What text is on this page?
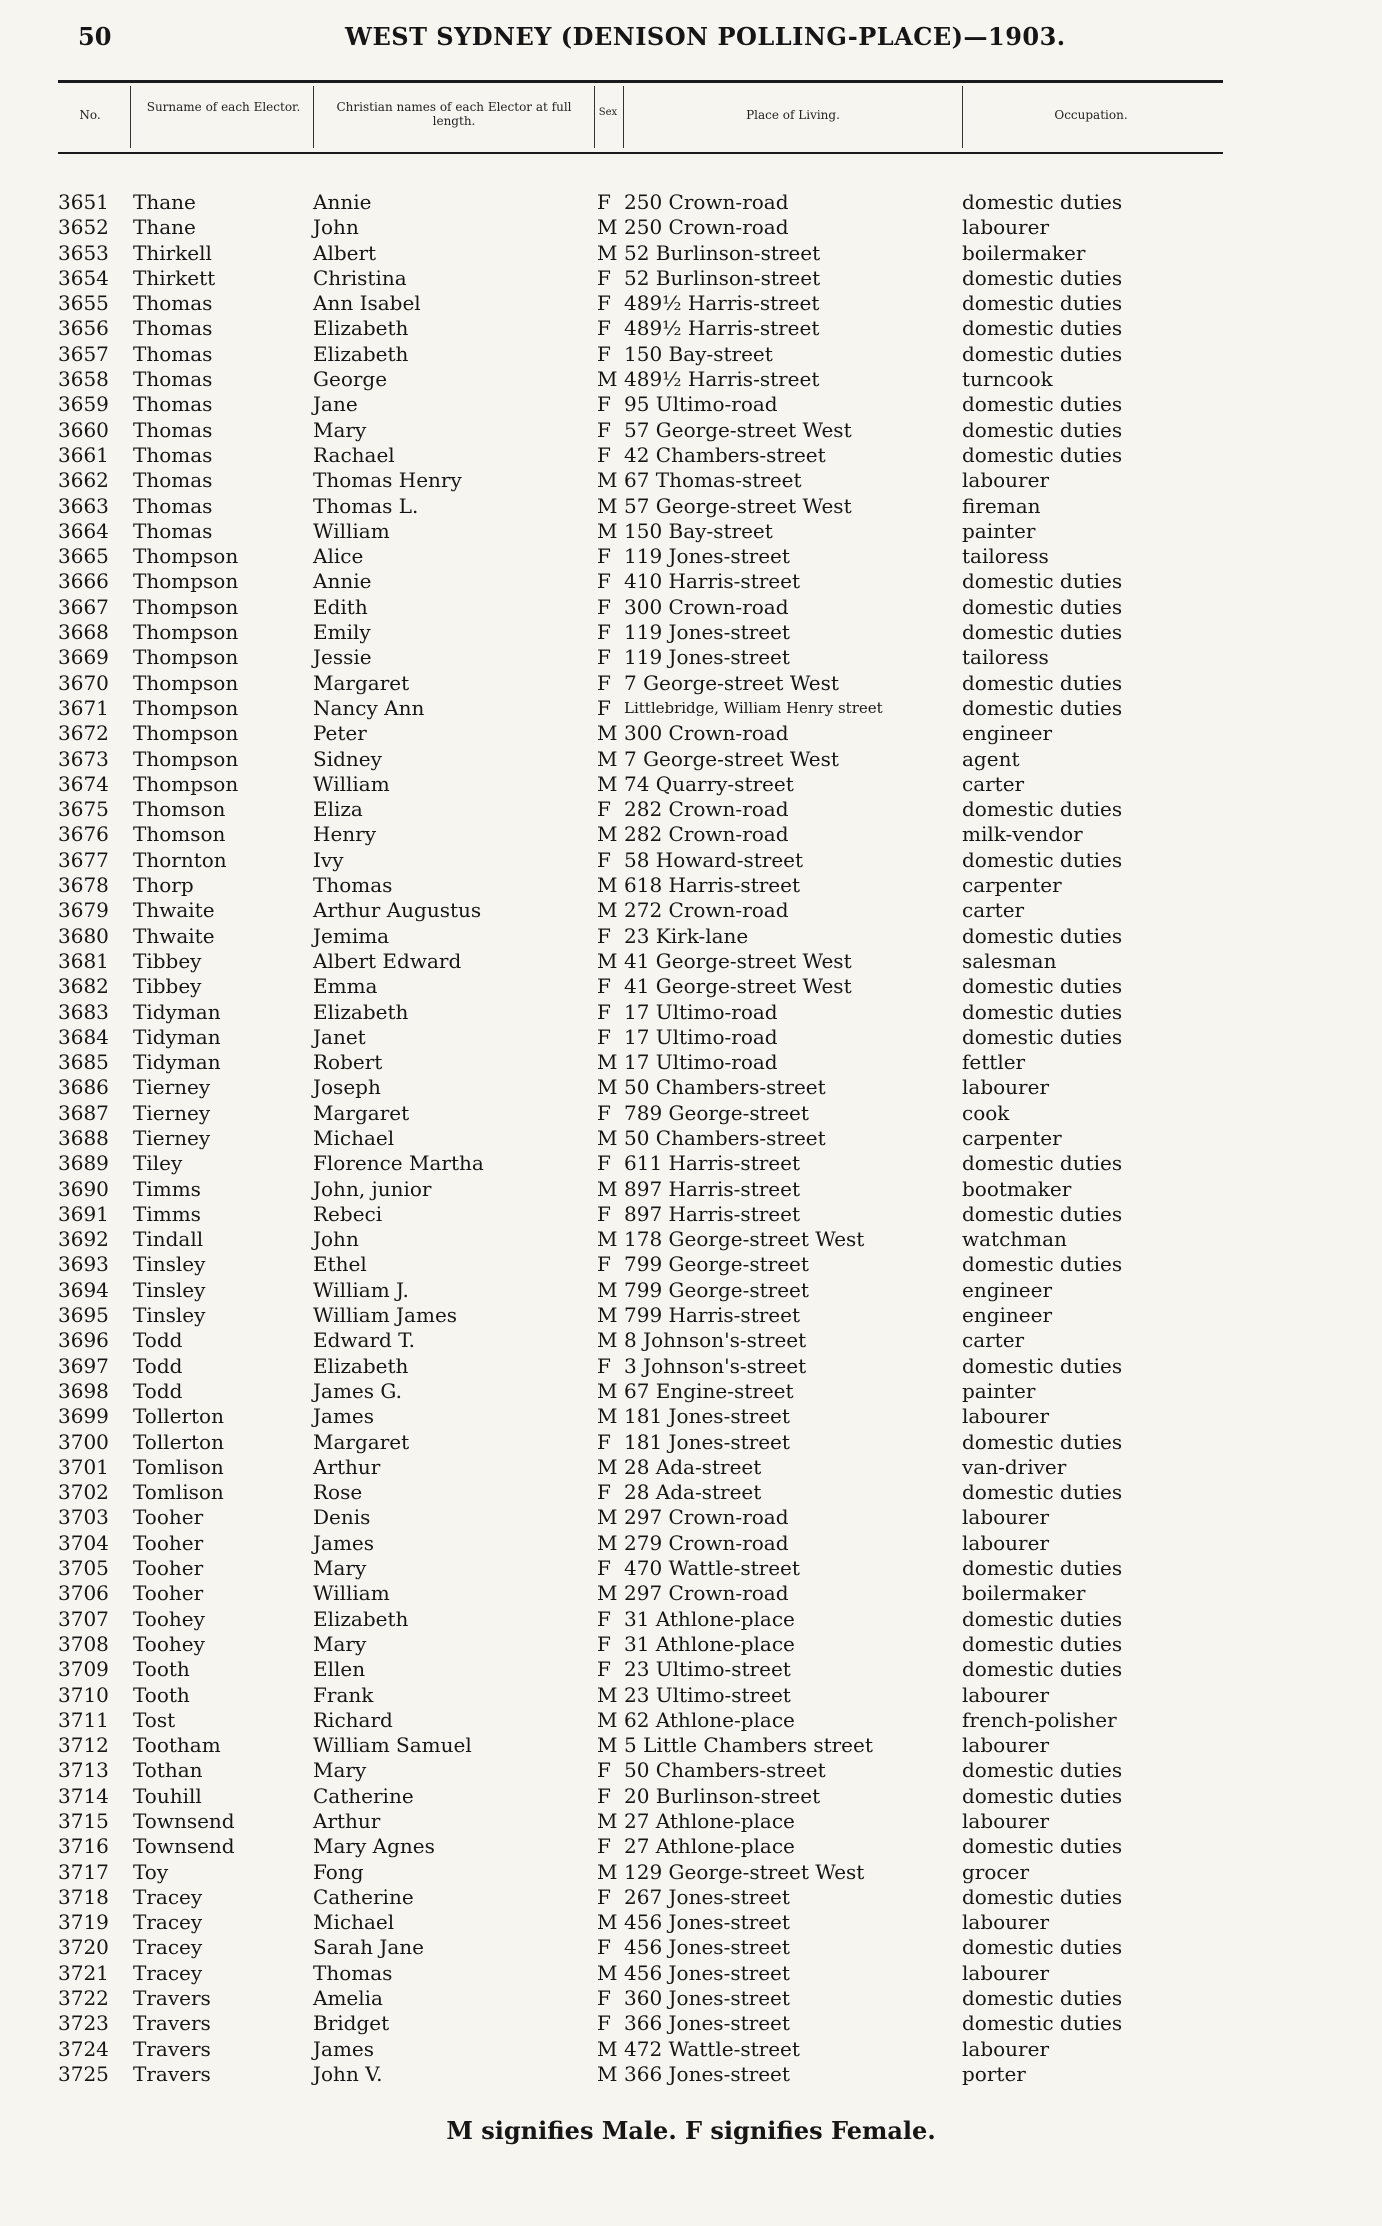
50	WEST SYDNEY (DENISON POLLING-PLACE)—1903.
No.
Surname of each Elector.	Christian names of each Elector at full length.
Sex	Place of Living.	Occupation.
3651	Thane	Annie	F 250 Crown-road	domestic duties
3652	Thane	John	M 250 Crown-road	labourer
3653	Thirkell	Albert	M 52 Burlinson-street	boilermaker
3654	Thirkett	Christina	F 52 Burlinson-street	domestic duties
3655	Thomas	Ann Isabel	F 489½ Harris-street	domestic duties
3656	Thomas	Elizabeth	F 489½ Harris-street	domestic duties
3657	Thomas	Elizabeth	F 150 Bay-street	domestic duties
3658	Thomas	George	M 489½ Harris-street	turncook
3659	Thomas	Jane	F 95 Ultimo-road	domestic duties
3660	Thomas	Mary	F 57 George-street West	domestic duties
3661	Thomas	Rachael	F 42 Chambers-street	domestic duties
3662	Thomas	Thomas Henry	M 67 Thomas-street	labourer
3663	Thomas	Thomas L.	M 57 George-street West	fireman
3664	Thomas	William	M 150 Bay-street	painter
3665	Thompson	Alice	F 119 Jones-street	tailoress
3666	Thompson	Annie	F 410 Harris-street	domestic duties
3667	Thompson	Edith	F 300 Crown-road	domestic duties
3668	Thompson	Emily	F 119 Jones-street	domestic duties
3669	Thompson	Jessie	F 119 Jones-street	tailoress
3670	Thompson	Margaret	F 7 George-street West	domestic duties
3671	Thompson	Nancy Ann	F Littlebridge, William Henry street	domestic duties
3672	Thompson	Peter	M 300 Crown-road	engineer
3673	Thompson	Sidney	M 7 George-street West	agent
3674	Thompson	William	M 74 Quarry-street	carter
3675	Thomson	Eliza	F 282 Crown-road	domestic duties
3676	Thomson	Henry	M 282 Crown-road	milk-vendor
3677	Thornton	Ivy	F 58 Howard-street	domestic duties
3678	Thorp	Thomas	M 618 Harris-street	carpenter
3679	Thwaite	Arthur Augustus	M 272 Crown-road	carter
3680	Thwaite	Jemima	F 23 Kirk-lane	domestic duties
3681	Tibbey	Albert Edward	M 41 George-street West	salesman
3682	Tibbey	Emma	F 41 George-street West	domestic duties
3683	Tidyman	Elizabeth	F 17 Ultimo-road	domestic duties
3684	Tidyman	Janet	F 17 Ultimo-road	domestic duties
3685	Tidyman	Robert	M 17 Ultimo-road	fettler
3686	Tierney	Joseph	M 50 Chambers-street	labourer
3687	Tierney	Margaret	F 789 George-street	cook
3688	Tierney	Michael	M 50 Chambers-street	carpenter
3689	Tiley	Florence Martha	F 611 Harris-street	domestic duties
3690	Timms	John, junior	M 897 Harris-street	bootmaker
3691	Timms	Rebeci	F 897 Harris-street	domestic duties
3692	Tindall	John	M 178 George-street West	watchman
3693	Tinsley	Ethel	F 799 George-street	domestic duties
3694	Tinsley	William J.	M 799 George-street	engineer
3695	Tinsley	William James	M 799 Harris-street	engineer
3696	Todd	Edward T.	M 8 Johnson's-street	carter
3697	Todd	Elizabeth	F 3 Johnson's-street	domestic duties
3698	Todd	James G.	M 67 Engine-street	painter
3699	Tollerton	James	M 181 Jones-street	labourer
3700	Tollerton	Margaret	F 181 Jones-street	domestic duties
3701	Tomlison	Arthur	M 28 Ada-street	van-driver
3702	Tomlison	Rose	F 28 Ada-street	domestic duties
3703	Tooher	Denis	M 297 Crown-road	labourer
3704	Tooher	James	M 279 Crown-road	labourer
3705	Tooher	Mary	F 470 Wattle-street	domestic duties
3706	Tooher	William	M 297 Crown-road	boilermaker
3707	Toohey	Elizabeth	F 31 Athlone-place	domestic duties
3708	Toohey	Mary	F 31 Athlone-place	domestic duties
3709	Tooth	Ellen	F 23 Ultimo-street	domestic duties
3710	Tooth	Frank	M 23 Ultimo-street	labourer
3711	Tost	Richard	M 62 Athlone-place	french-polisher
3712	Tootham	William Samuel	M 5 Little Chambers street	labourer
3713	Tothan	Mary	F 50 Chambers-street	domestic duties
3714	Touhill	Catherine	F 20 Burlinson-street	domestic duties
3715	Townsend	Arthur	M 27 Athlone-place	labourer
3716	Townsend	Mary Agnes	F 27 Athlone-place	domestic duties
3717	Toy	Fong	M 129 George-street West	grocer
3718	Tracey	Catherine	F 267 Jones-street	domestic duties
3719	Tracey	Michael	M 456 Jones-street	labourer
3720	Tracey	Sarah Jane	F 456 Jones-street	domestic duties
3721	Tracey	Thomas	M 456 Jones-street	labourer
3722	Travers	Amelia	F 360 Jones-street	domestic duties
3723	Travers	Bridget	F 366 Jones-street	domestic duties
3724	Travers	James	M 472 Wattle-street	labourer
3725	Travers	John V.	M 366 Jones-street	porter
M signifies Male. F signifies Female.
